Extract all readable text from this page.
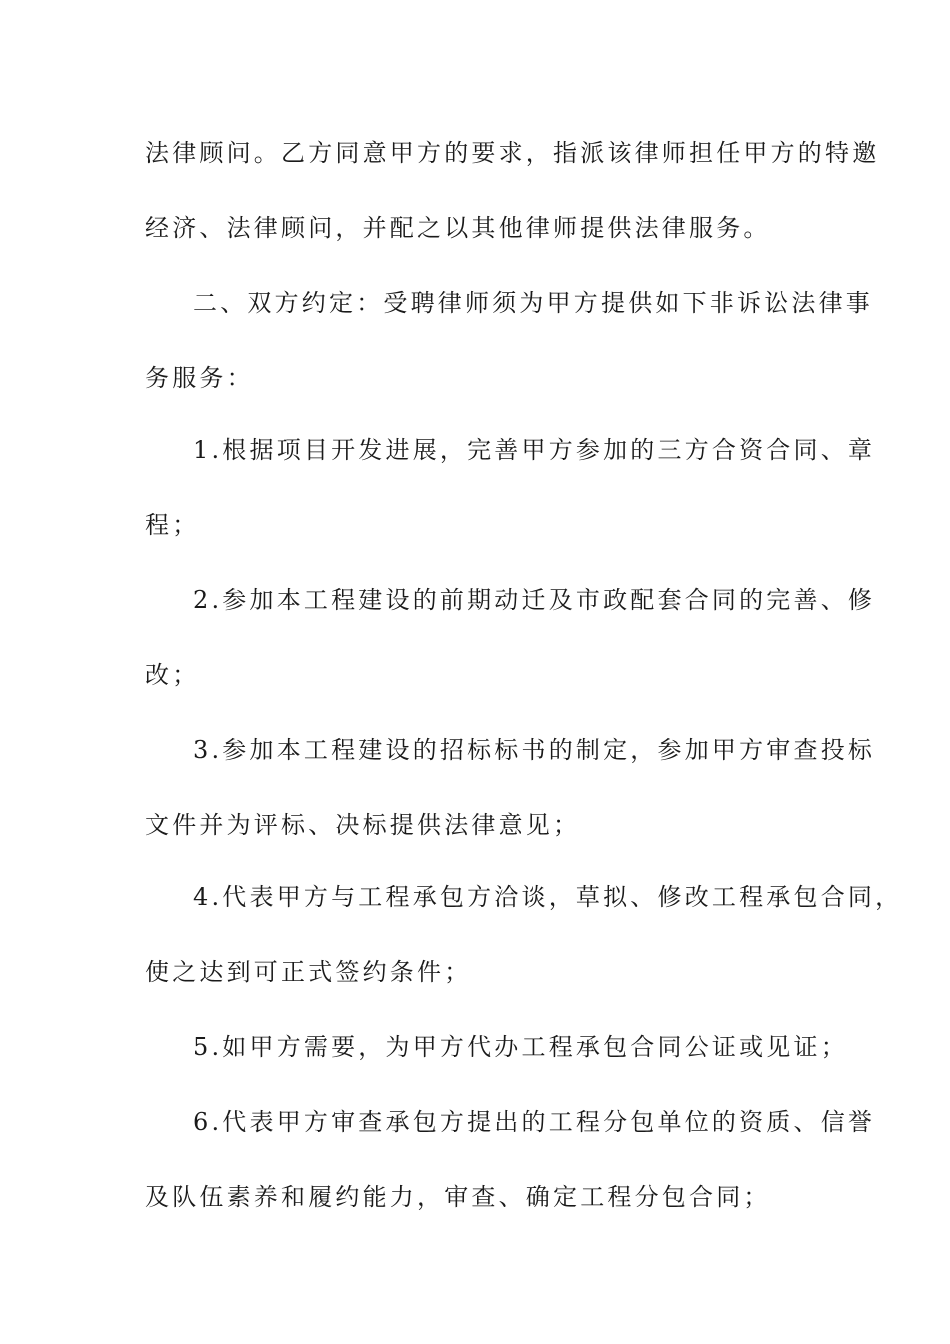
法律顾问。乙方同意甲方的要求，指派该律师担任甲方的特邀
经济、法律顾问，并配之以其他律师提供法律服务。
二、双方约定：受聘律师须为甲方提供如下非诉讼法律事
务服务：
1.根据项目开发进展，完善甲方参加的三方合资合同、章
程；
2.参加本工程建设的前期动迁及市政配套合同的完善、修
改；
3.参加本工程建设的招标标书的制定，参加甲方审查投标
文件并为评标、决标提供法律意见；
4.代表甲方与工程承包方洽谈，草拟、修改工程承包合同，
使之达到可正式签约条件；
5.如甲方需要，为甲方代办工程承包合同公证或见证；
6.代表甲方审查承包方提出的工程分包单位的资质、信誉
及队伍素养和履约能力，审查、确定工程分包合同；
